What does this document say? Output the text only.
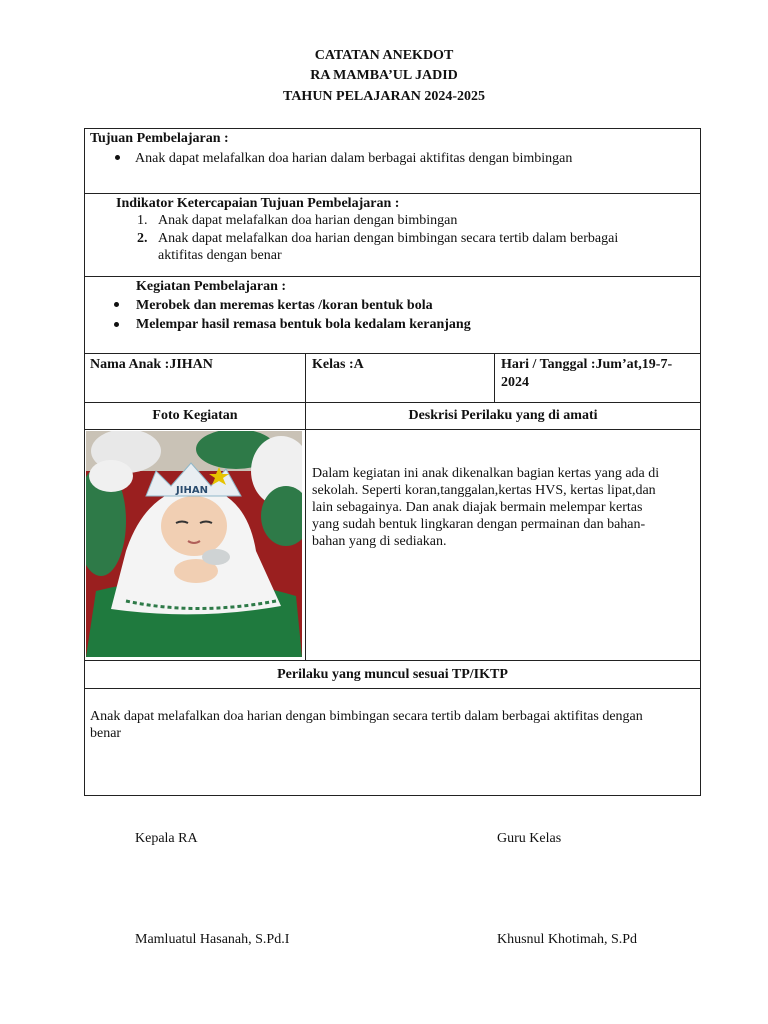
CATATAN ANEKDOT
RA MAMBA’UL JADID
TAHUN PELAJARAN 2024-2025
Tujuan Pembelajaran :
Anak dapat melafalkan doa harian dalam berbagai aktifitas dengan bimbingan
Indikator Ketercapaian Tujuan Pembelajaran :
1. Anak dapat melafalkan doa harian dengan bimbingan
2. Anak dapat melafalkan doa harian dengan bimbingan secara tertib dalam berbagai
aktifitas dengan benar
Kegiatan Pembelajaran :
Merobek dan meremas kertas /koran bentuk bola
Melempar hasil remasa bentuk bola kedalam keranjang
Nama Anak :JIHAN	Kelas :A	Hari / Tanggal :Jum’at,19-7-
2024
Foto Kegiatan	Deskrisi Perilaku yang di amati
JIHAN
Dalam kegiatan ini anak dikenalkan bagian kertas yang ada di
sekolah. Seperti koran,tanggalan,kertas HVS, kertas lipat,dan
lain sebagainya. Dan anak diajak bermain melempar kertas
yang sudah bentuk lingkaran dengan permainan dan bahan-
bahan yang di sediakan.
Perilaku yang muncul sesuai TP/IKTP
Anak dapat melafalkan doa harian dengan bimbingan secara tertib dalam berbagai aktifitas dengan
benar
Kepala RA	Guru Kelas
Mamluatul Hasanah, S.Pd.I	Khusnul Khotimah, S.Pd
